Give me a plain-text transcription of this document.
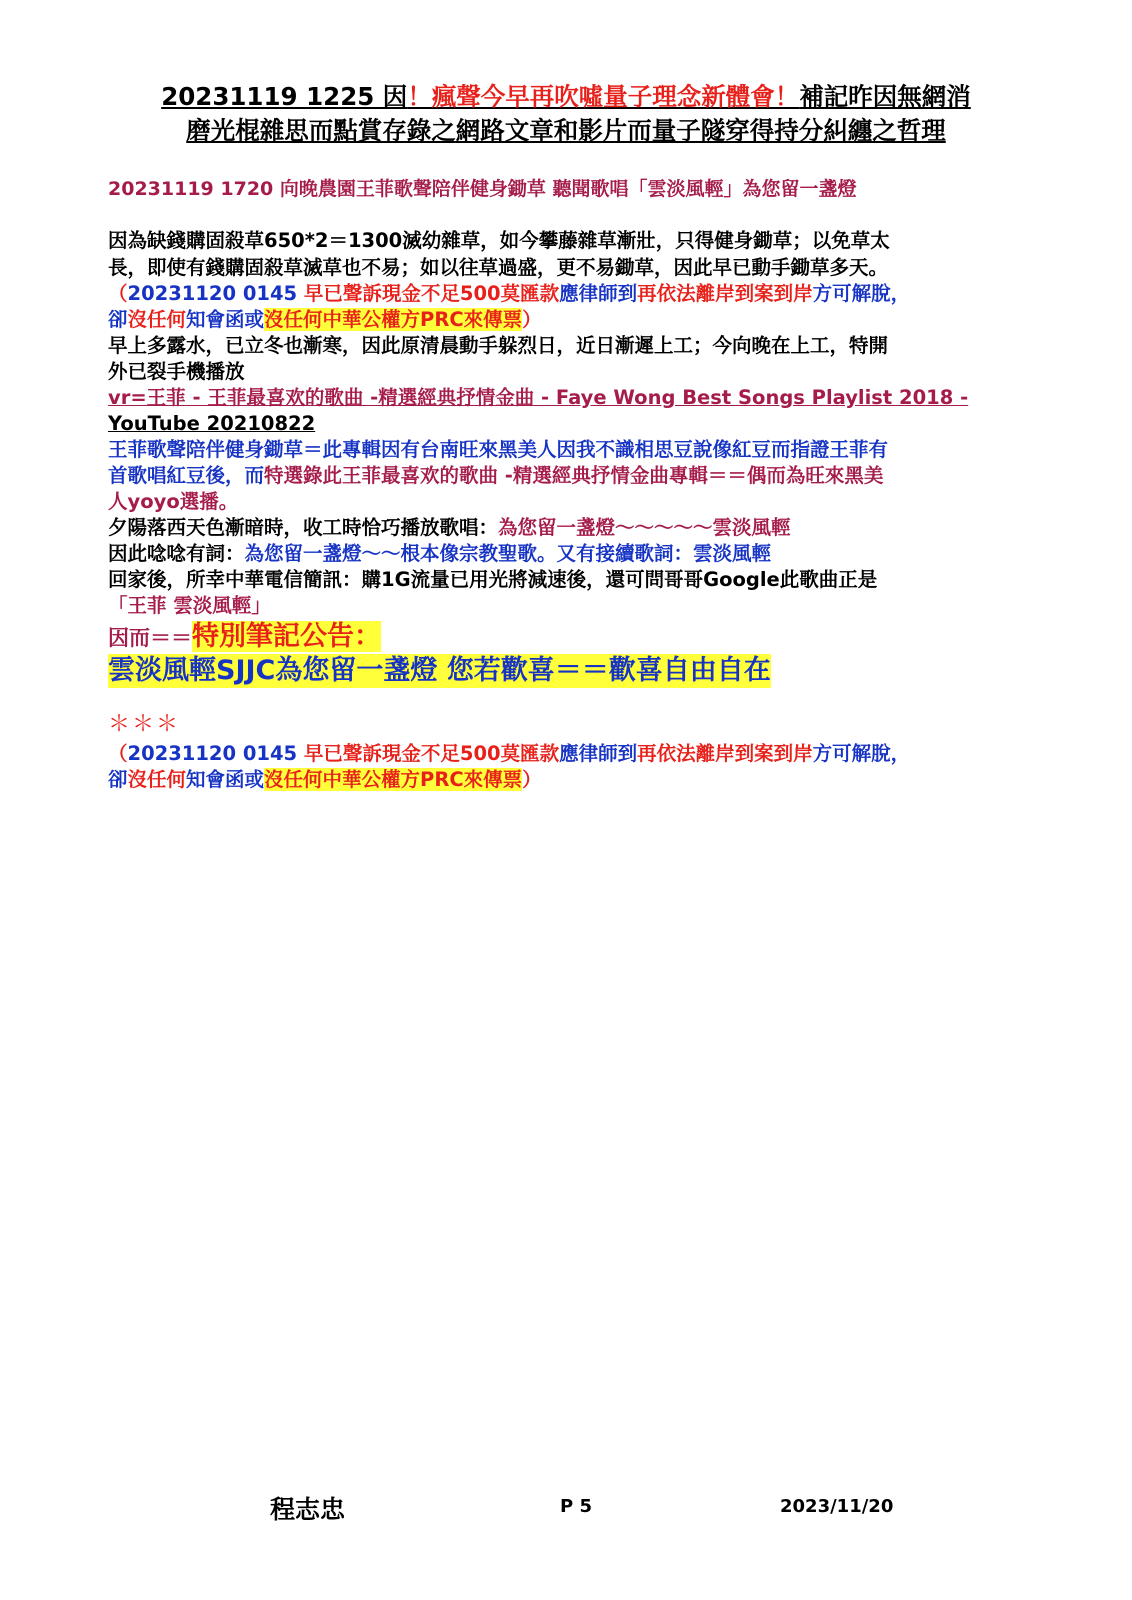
20231119 1225 因！瘋聲今早再吹噓量子理念新體會！補記昨因無網消
磨光棍雜思而點賞存錄之網路文章和影片而量子隧穿得持分糾纏之哲理
20231119 1720 向晚農園王菲歌聲陪伴健身鋤草 聽聞歌唱「雲淡風輕」為您留一盞燈
因為缺錢購固殺草650*2＝1300滅幼雜草，如今攀藤雜草漸壯，只得健身鋤草；以免草太
長，即使有錢購固殺草滅草也不易；如以往草過盛，更不易鋤草，因此早已動手鋤草多天。
（20231120 0145 早已聲訴現金不足500莫匯款應律師到再依法離岸到案到岸方可解脫，
卻沒任何知會函或沒任何中華公權方PRC來傳票）
早上多露水，已立冬也漸寒，因此原清晨動手躲烈日，近日漸遲上工；今向晚在上工，特開
外已裂手機播放
vr=王菲 - 王菲最喜欢的歌曲 -精選經典抒情金曲 - Faye Wong Best Songs Playlist 2018 -
YouTube 20210822
王菲歌聲陪伴健身鋤草＝此專輯因有台南旺來黑美人因我不識相思豆說像紅豆而指證王菲有
首歌唱紅豆後，而特選錄此王菲最喜欢的歌曲 -精選經典抒情金曲專輯＝＝偶而為旺來黑美
人yoyo選播。
夕陽落西天色漸暗時，收工時恰巧播放歌唱：為您留一盞燈～～～～～雲淡風輕
因此唸唸有詞：為您留一盞燈～～根本像宗教聖歌。又有接續歌詞：雲淡風輕
回家後，所幸中華電信簡訊：購1G流量已用光將減速後，還可問哥哥Google此歌曲正是
「王菲 雲淡風輕」
因而＝＝特別筆記公告：
雲淡風輕SJJC為您留一盞燈 您若歡喜＝＝歡喜自由自在
＊＊＊
（20231120 0145 早已聲訴現金不足500莫匯款應律師到再依法離岸到案到岸方可解脫，
卻沒任何知會函或沒任何中華公權方PRC來傳票）
程志忠	P 5	2023/11/20
